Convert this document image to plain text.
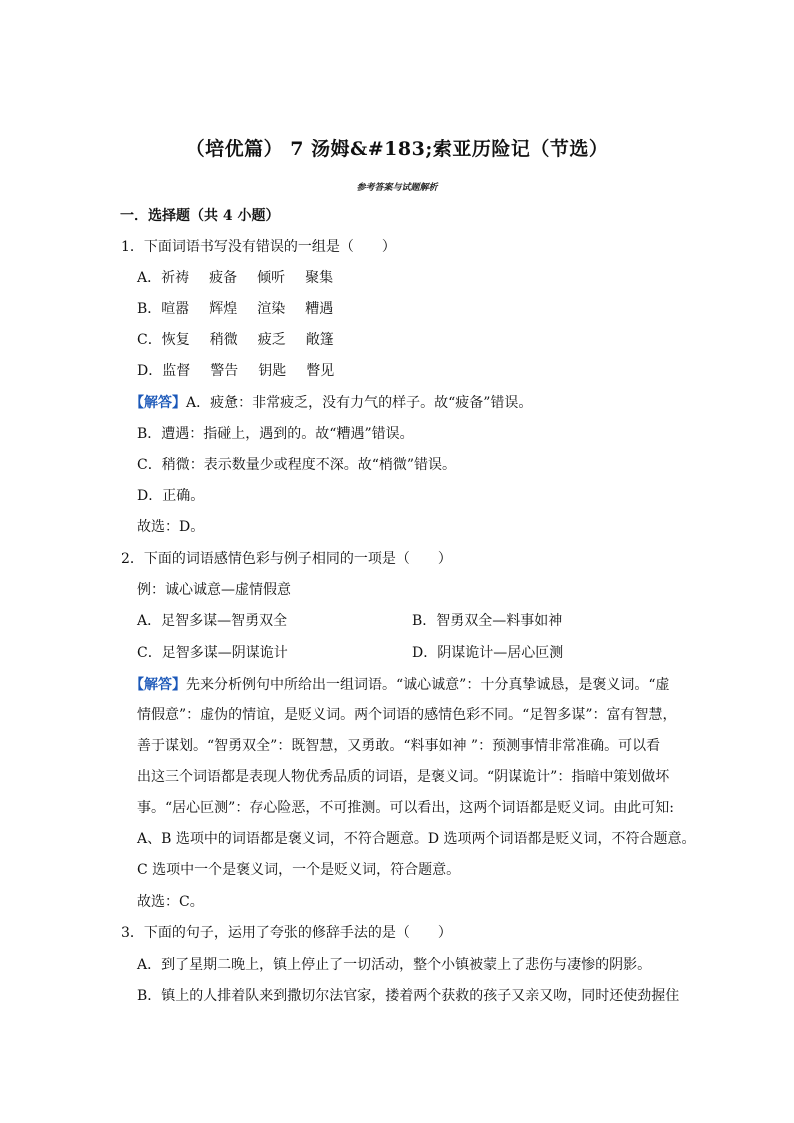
（培优篇） 7 汤姆&#183;索亚历险记（节选）
参考答案与试题解析
一．选择题（共 4 小题）
1．下面词语书写没有错误的一组是（　　）
A．祈祷 疲备 倾听 聚集
B．喧嚣 辉煌 渲染 糟遇
C．恢复 稍微 疲乏 敞篷
D．监督 警告 钥匙 瞥见
【解答】A．疲惫：非常疲乏，没有力气的样子。故“疲备”错误。
B．遭遇：指碰上，遇到的。故“糟遇”错误。
C．稍微：表示数量少或程度不深。故“梢微”错误。
D．正确。
故选：D。
2．下面的词语感情色彩与例子相同的一项是（　　）
例：诚心诚意—虚情假意
A．足智多谋—智勇双全	B．智勇双全—料事如神
C．足智多谋—阴谋诡计	D．阴谋诡计—居心叵测
【解答】先来分析例句中所给出一组词语。“诚心诚意”：十分真挚诚恳，是褒义词。“虚
情假意”：虚伪的情谊，是贬义词。两个词语的感情色彩不同。“足智多谋”：富有智慧，
善于谋划。“智勇双全”：既智慧，又勇敢。“料事如神 ”：预测事情非常准确。可以看
出这三个词语都是表现人物优秀品质的词语，是褒义词。“阴谋诡计”：指暗中策划做坏
事。“居心叵测”：存心险恶，不可推测。可以看出，这两个词语都是贬义词。由此可知:
A、B 选项中的词语都是褒义词，不符合题意。D 选项两个词语都是贬义词，不符合题意。
C 选项中一个是褒义词，一个是贬义词，符合题意。
故选：C。
3．下面的句子，运用了夸张的修辞手法的是（　　）
A．到了星期二晚上，镇上停止了一切活动，整个小镇被蒙上了悲伤与凄惨的阴影。
B．镇上的人排着队来到撒切尔法官家，搂着两个获救的孩子又亲又吻，同时还使劲握住
